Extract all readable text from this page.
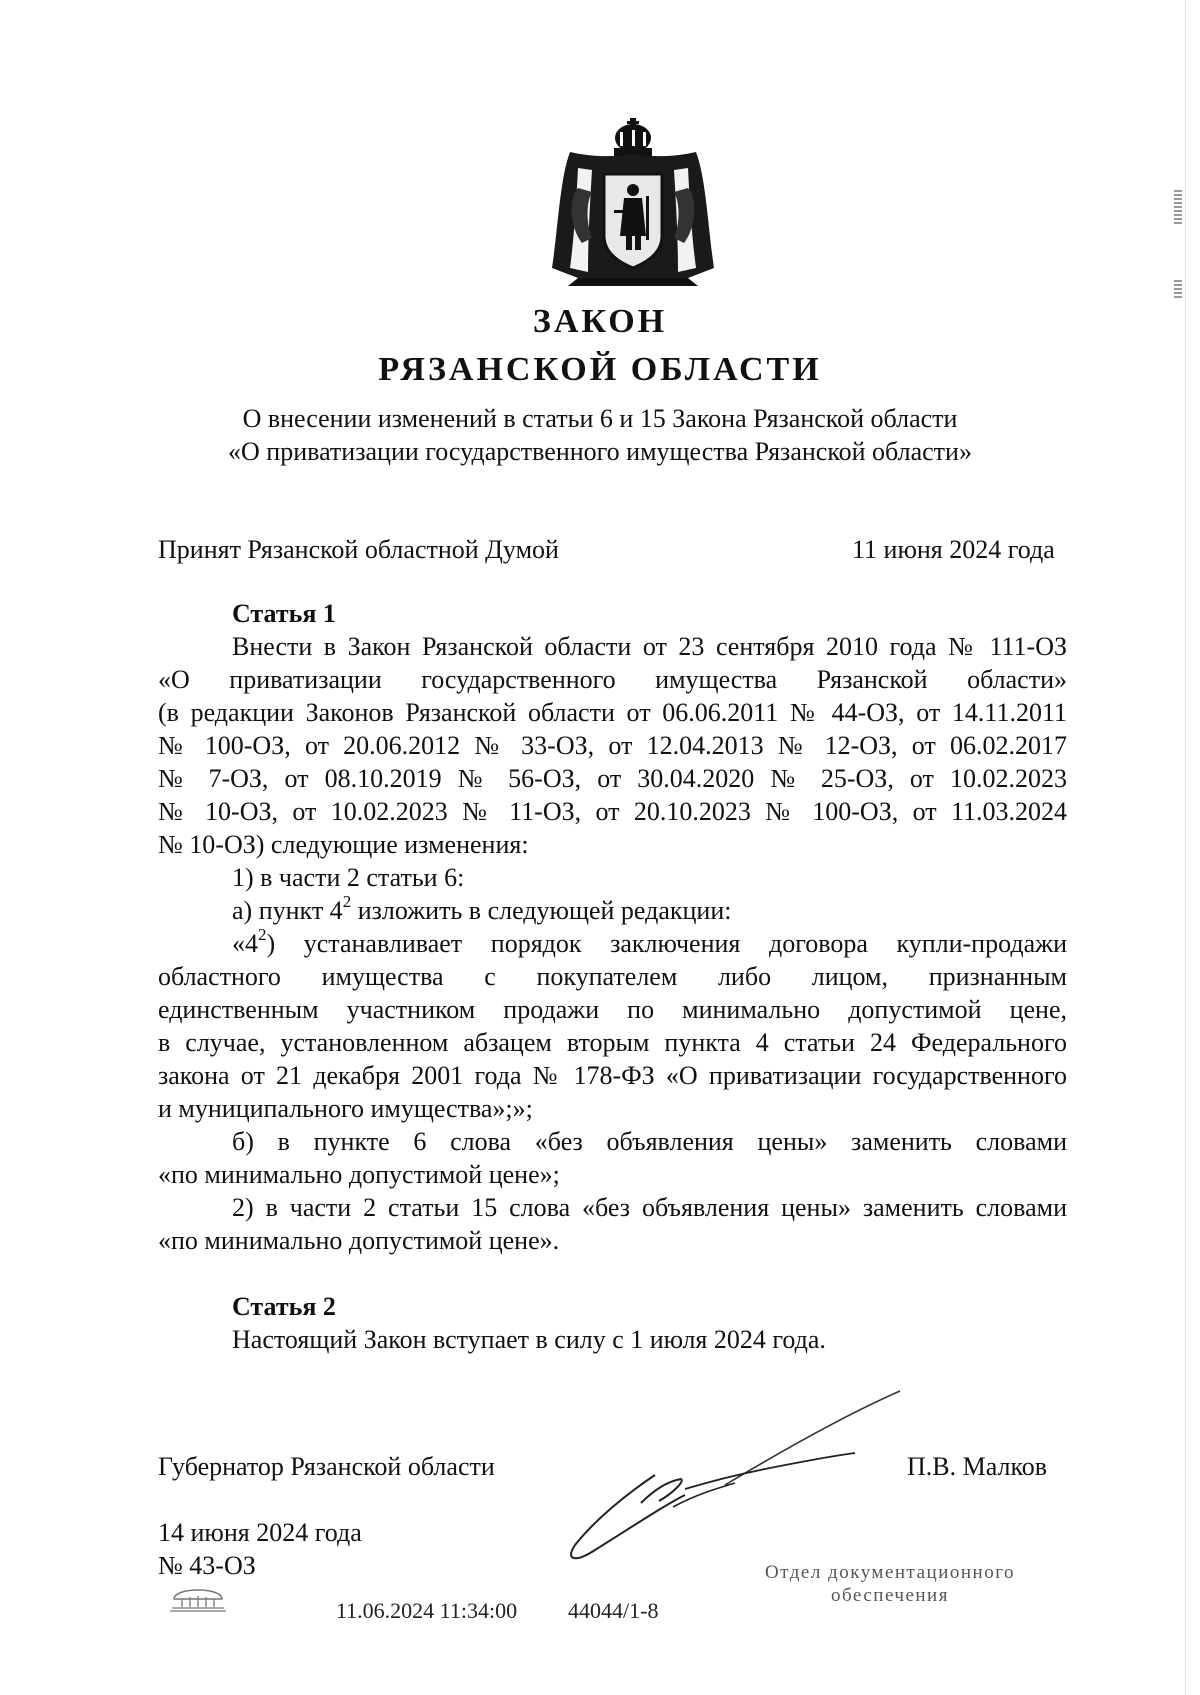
ЗАКОН
РЯЗАНСКОЙ ОБЛАСТИ
О внесении изменений в статьи 6 и 15 Закона Рязанской области
«О приватизации государственного имущества Рязанской области»
Принят Рязанской областной Думой	11 июня 2024 года
Статья 1
Внести в Закон Рязанской области от 23 сентября 2010 года № 111-ОЗ
«О приватизации государственного имущества Рязанской области»
(в редакции Законов Рязанской области от 06.06.2011 № 44-ОЗ, от 14.11.2011
№ 100-ОЗ, от 20.06.2012 № 33-ОЗ, от 12.04.2013 № 12-ОЗ, от 06.02.2017
№ 7-ОЗ, от 08.10.2019 № 56-ОЗ, от 30.04.2020 № 25-ОЗ, от 10.02.2023
№ 10-ОЗ, от 10.02.2023 № 11-ОЗ, от 20.10.2023 № 100-ОЗ, от 11.03.2024
№ 10-ОЗ) следующие изменения:
1) в части 2 статьи 6:
а) пункт $4^2$ изложить в следующей редакции:
«$4^2$) устанавливает порядок заключения договора купли-продажи
областного имущества с покупателем либо лицом, признанным
единственным участником продажи по минимально допустимой цене,
в случае, установленном абзацем вторым пункта 4 статьи 24 Федерального
закона от 21 декабря 2001 года № 178-ФЗ «О приватизации государственного
и муниципального имущества»;»;
б) в пункте 6 слова «без объявления цены» заменить словами
«по минимально допустимой цене»;
2) в части 2 статьи 15 слова «без объявления цены» заменить словами
«по минимально допустимой цене».
Статья 2
Настоящий Закон вступает в силу с 1 июля 2024 года.
Губернатор Рязанской области	П.В. Малков
14 июня 2024 года
№ 43-ОЗ
11.06.2024 11:34:00 44044/1-8
Отдел документационного
обеспечения
